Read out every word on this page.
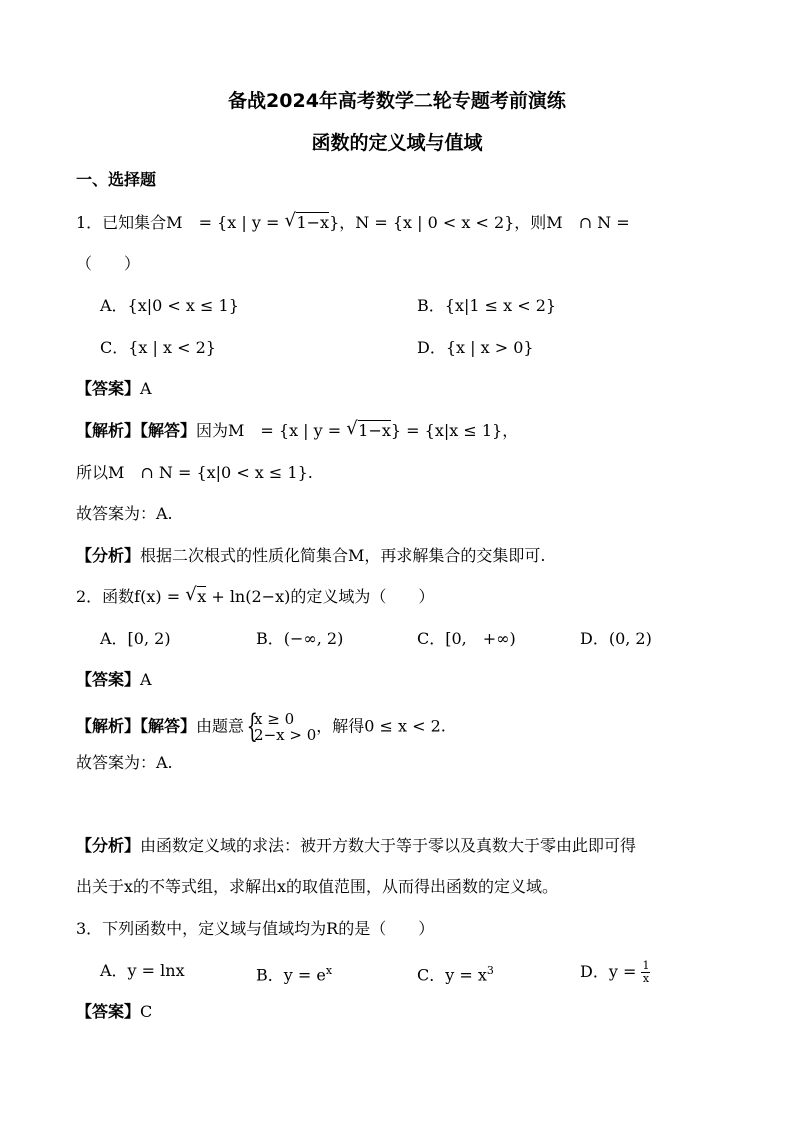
备战2024年高考数学二轮专题考前演练
函数的定义域与值域
一、选择题
1．已知集合M　= {x | y = √ 1−x}，N = {x | 0 < x < 2}，则M　∩ N =
（　　）
A．{x|0 < x ≤ 1}	B．{x|1 ≤ x < 2}
C．{x | x < 2}	D．{x | x > 0}
【答案】A
【解析】【解答】因为M　= {x | y = √ 1−x} = {x|x ≤ 1}，
所以M　∩ N = {x|0 < x ≤ 1}.
故答案为：A.
【分析】根据二次根式的性质化简集合M，再求解集合的交集即可.
2．函数f(x) = √ x + ln(2−x)的定义域为（　　）
A．[0, 2)	B．(−∞, 2)	C．[0,　+∞)	D．(0, 2)
【答案】A
【解析】【解答】由题意 {
x ≥ 0
2−x > 0 ，解得0 ≤ x < 2.
故答案为：A.
【分析】由函数定义域的求法：被开方数大于等于零以及真数大于零由此即可得
出关于x的不等式组，求解出x的取值范围，从而得出函数的定义域。
3．下列函数中，定义域与值域均为R的是（　　）
A．y = lnx	B．$y = e^x$	C．$y = x^3$	D．$y = \frac{1}{x}$
【答案】C
